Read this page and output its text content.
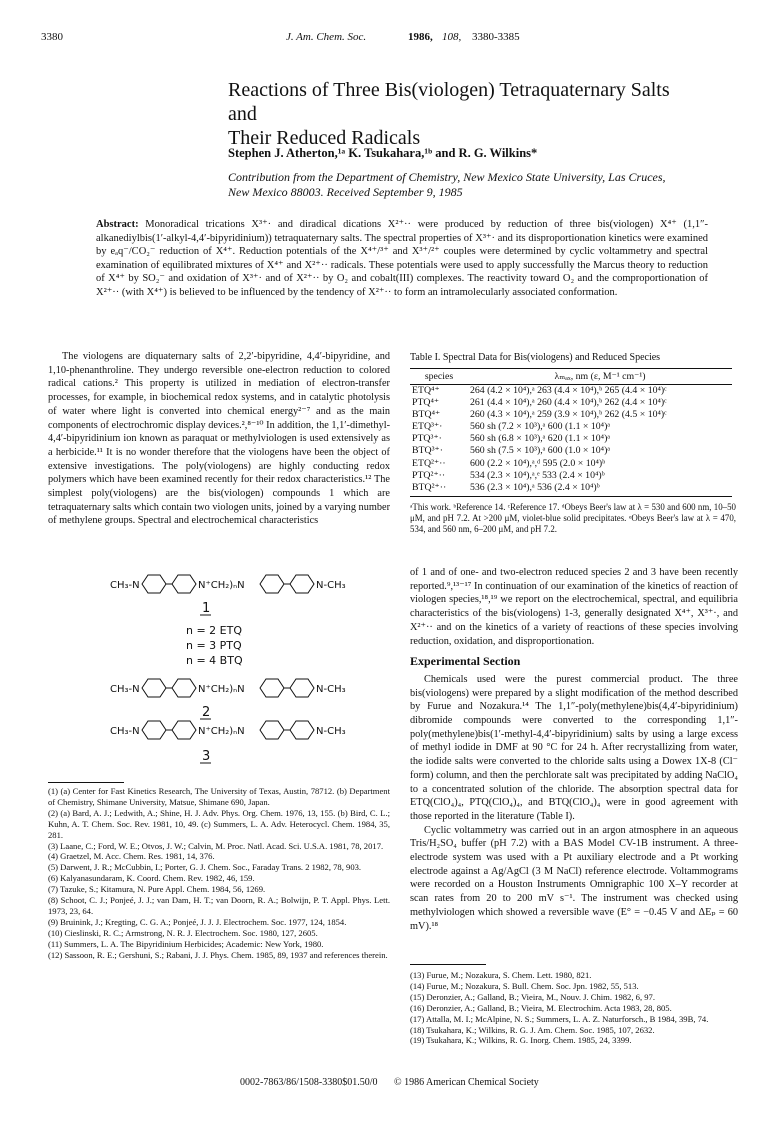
3380	J. Am. Chem. Soc.	1986, 108, 3380-3385
Reactions of Three Bis(viologen) Tetraquaternary Salts and
Their Reduced Radicals
Stephen J. Atherton,¹ᵃ K. Tsukahara,¹ᵇ and R. G. Wilkins*
Contribution from the Department of Chemistry, New Mexico State University, Las Cruces,
New Mexico 88003. Received September 9, 1985
Abstract: Monoradical trications X³⁺· and diradical dications X²⁺·· were produced by reduction of three bis(viologen) X⁴⁺ (1,1″-alkanediylbis(1′-alkyl-4,4′-bipyridinium)) tetraquaternary salts. The spectral properties of X³⁺· and its disproportionation kinetics were examined by eₐq⁻/CO₂⁻ reduction of X⁴⁺. Reduction potentials of the X⁴⁺/³⁺ and X³⁺/²⁺ couples were determined by cyclic voltammetry and spectral examination of equilibrated mixtures of X⁴⁺ and X²⁺·· radicals. These potentials were used to apply successfully the Marcus theory to reduction of X⁴⁺ by SO₂⁻ and oxidation of X³⁺· and of X²⁺·· by O₂ and cobalt(III) complexes. The reactivity toward O₂ and the comproportionation of X²⁺·· (with X⁴⁺) is believed to be influenced by the tendency of X²⁺·· to form an intramolecularly associated conformation.

The viologens are diquaternary salts of 2,2′-bipyridine, 4,4′-bipyridine, and 1,10-phenanthroline. They undergo reversible one-electron reduction to colored radical cations.² This property is utilized in mediation of electron-transfer processes, for example, in biochemical redox systems, and in catalytic photolysis of water where light is converted into chemical energy²⁻⁷ and as the main components of electrochromic display devices.²,⁸⁻¹⁰ In addition, the 1,1′-dimethyl-4,4′-bipyridinium ion known as paraquat or methylviologen is used extensively as a herbicide.¹¹ It is no wonder therefore that the viologens have been the object of extensive investigations. The poly(viologens) are highly conducting redox polymers which have been examined recently for their redox characteristics.¹² The simplest poly(viologens) are the bis(viologen) compounds 1 which are tetraquaternary salts which contain two viologen units, joined by a varying number of methylene groups. Spectral and electrochemical characteristics

CH₃-N	N⁺CH₂)ₙN	N-CH₃
1
n = 2 ETQ
n = 3 PTQ
n = 4 BTQ
CH₃-N	N⁺CH₂)ₙN	N-CH₃
2
CH₃-N	N⁺CH₂)ₙN	N-CH₃
3
(1) (a) Center for Fast Kinetics Research, The University of Texas, Austin, 78712. (b) Department of Chemistry, Shimane University, Matsue, Shimane 690, Japan.
(2) (a) Bard, A. J.; Ledwith, A.; Shine, H. J. Adv. Phys. Org. Chem. 1976, 13, 155. (b) Bird, C. L.; Kuhn, A. T. Chem. Soc. Rev. 1981, 10, 49. (c) Summers, L. A. Adv. Heterocycl. Chem. 1984, 35, 281.
(3) Laane, C.; Ford, W. E.; Otvos, J. W.; Calvin, M. Proc. Natl. Acad. Sci. U.S.A. 1981, 78, 2017.
(4) Graetzel, M. Acc. Chem. Res. 1981, 14, 376.
(5) Darwent, J. R.; McCubbin, I.; Porter, G. J. Chem. Soc., Faraday Trans. 2 1982, 78, 903.
(6) Kalyanasundaram, K. Coord. Chem. Rev. 1982, 46, 159.
(7) Tazuke, S.; Kitamura, N. Pure Appl. Chem. 1984, 56, 1269.
(8) Schoot, C. J.; Ponjeé, J. J.; van Dam, H. T.; van Doorn, R. A.; Bolwijn, P. T. Appl. Phys. Lett. 1973, 23, 64.
(9) Bruinink, J.; Kregting, C. G. A.; Ponjeé, J. J. J. Electrochem. Soc. 1977, 124, 1854.
(10) Cieslinski, R. C.; Armstrong, N. R. J. Electrochem. Soc. 1980, 127, 2605.
(11) Summers, L. A. The Bipyridinium Herbicides; Academic: New York, 1980.
(12) Sassoon, R. E.; Gershuni, S.; Rabani, J. J. Phys. Chem. 1985, 89, 1937 and references therein.
Table I. Spectral Data for Bis(viologens) and Reduced Species
species	λₘₐₓ, nm (ε, M⁻¹ cm⁻¹)
ETQ⁴⁺	264 (4.2 × 10⁴),ᵃ 263 (4.4 × 10⁴),ᵇ 265 (4.4 × 10⁴)ᶜ
PTQ⁴⁺	261 (4.4 × 10⁴),ᵃ 260 (4.4 × 10⁴),ᵇ 262 (4.4 × 10⁴)ᶜ
BTQ⁴⁺	260 (4.3 × 10⁴),ᵃ 259 (3.9 × 10⁴),ᵇ 262 (4.5 × 10⁴)ᶜ
ETQ³⁺·	560 sh (7.2 × 10³),ᵃ 600 (1.1 × 10⁴)ᵃ
PTQ³⁺·	560 sh (6.8 × 10³),ᵃ 620 (1.1 × 10⁴)ᵃ
BTQ³⁺·	560 sh (7.5 × 10³),ᵃ 600 (1.0 × 10⁴)ᵃ
ETQ²⁺··	600 (2.2 × 10⁴),ᵃ,ᵈ 595 (2.0 × 10⁴)ᵇ
PTQ²⁺··	534 (2.3 × 10⁴),ᵃ,ᵉ 533 (2.4 × 10⁴)ᵇ
BTQ²⁺··	536 (2.3 × 10⁴),ᵃ 536 (2.4 × 10⁴)ᵇ
ᵃThis work. ᵇReference 14. ᶜReference 17. ᵈObeys Beer's law at λ = 530 and 600 nm, 10–50 μM, and pH 7.2. At >200 μM, violet-blue solid precipitates. ᵉObeys Beer's law at λ = 470, 534, and 560 nm, 6–200 μM, and pH 7.2.

of 1 and of one- and two-electron reduced species 2 and 3 have been recently reported.⁹,¹³⁻¹⁷ In continuation of our examination of the kinetics of reaction of viologen species,¹⁸,¹⁹ we report on the electrochemical, spectral, and equilibria characteristics of the bis(viologens) 1-3, generally designated X⁴⁺, X³⁺·, and X²⁺·· and on the kinetics of a variety of reactions of these species involving reduction, oxidation, and disproportionation.

Experimental Section

Chemicals used were the purest commercial product. The three bis(viologens) were prepared by a slight modification of the method described by Furue and Nozakura.¹⁴ The 1,1″-poly(methylene)bis(4,4′-bipyridinium) dibromide compounds were converted to the corresponding 1,1″-poly(methylene)bis(1′-methyl-4,4′-bipyridinium) salts by using a large excess of methyl iodide in DMF at 90 °C for 24 h. After recrystallizing from water, the iodide salts were converted to the chloride salts using a Dowex 1X-8 (Cl⁻ form) column, and then the perchlorate salt was precipitated by adding NaClO₄ to a concentrated solution of the chloride. The absorption spectral data for ETQ(ClO₄)₄, PTQ(ClO₄)₄, and BTQ(ClO₄)₄ were in good agreement with those reported in the literature (Table I).

Cyclic voltammetry was carried out in an argon atmosphere in an aqueous Tris/H₂SO₄ buffer (pH 7.2) with a BAS Model CV-1B instrument. A three-electrode system was used with a Pt auxiliary electrode and a Pt working electrode against a Ag/AgCl (3 M NaCl) reference electrode. Voltammograms were recorded on a Houston Instruments Omnigraphic 100 X–Y recorder at scan rates from 20 to 200 mV s⁻¹. The instrument was checked using methylviologen which showed a reversible wave (E° = −0.45 V and ΔEₚ = 60 mV).¹⁸

(13) Furue, M.; Nozakura, S. Chem. Lett. 1980, 821.
(14) Furue, M.; Nozakura, S. Bull. Chem. Soc. Jpn. 1982, 55, 513.
(15) Deronzier, A.; Galland, B.; Vieira, M., Nouv. J. Chim. 1982, 6, 97.
(16) Deronzier, A.; Galland, B.; Vieira, M. Electrochim. Acta 1983, 28, 805.
(17) Attalla, M. I.; McAlpine, N. S.; Summers, L. A. Z. Naturforsch., B 1984, 39B, 74.
(18) Tsukahara, K.; Wilkins, R. G. J. Am. Chem. Soc. 1985, 107, 2632.
(19) Tsukahara, K.; Wilkins, R. G. Inorg. Chem. 1985, 24, 3399.
0002-7863/86/1508-3380$01.50/0 © 1986 American Chemical Society
